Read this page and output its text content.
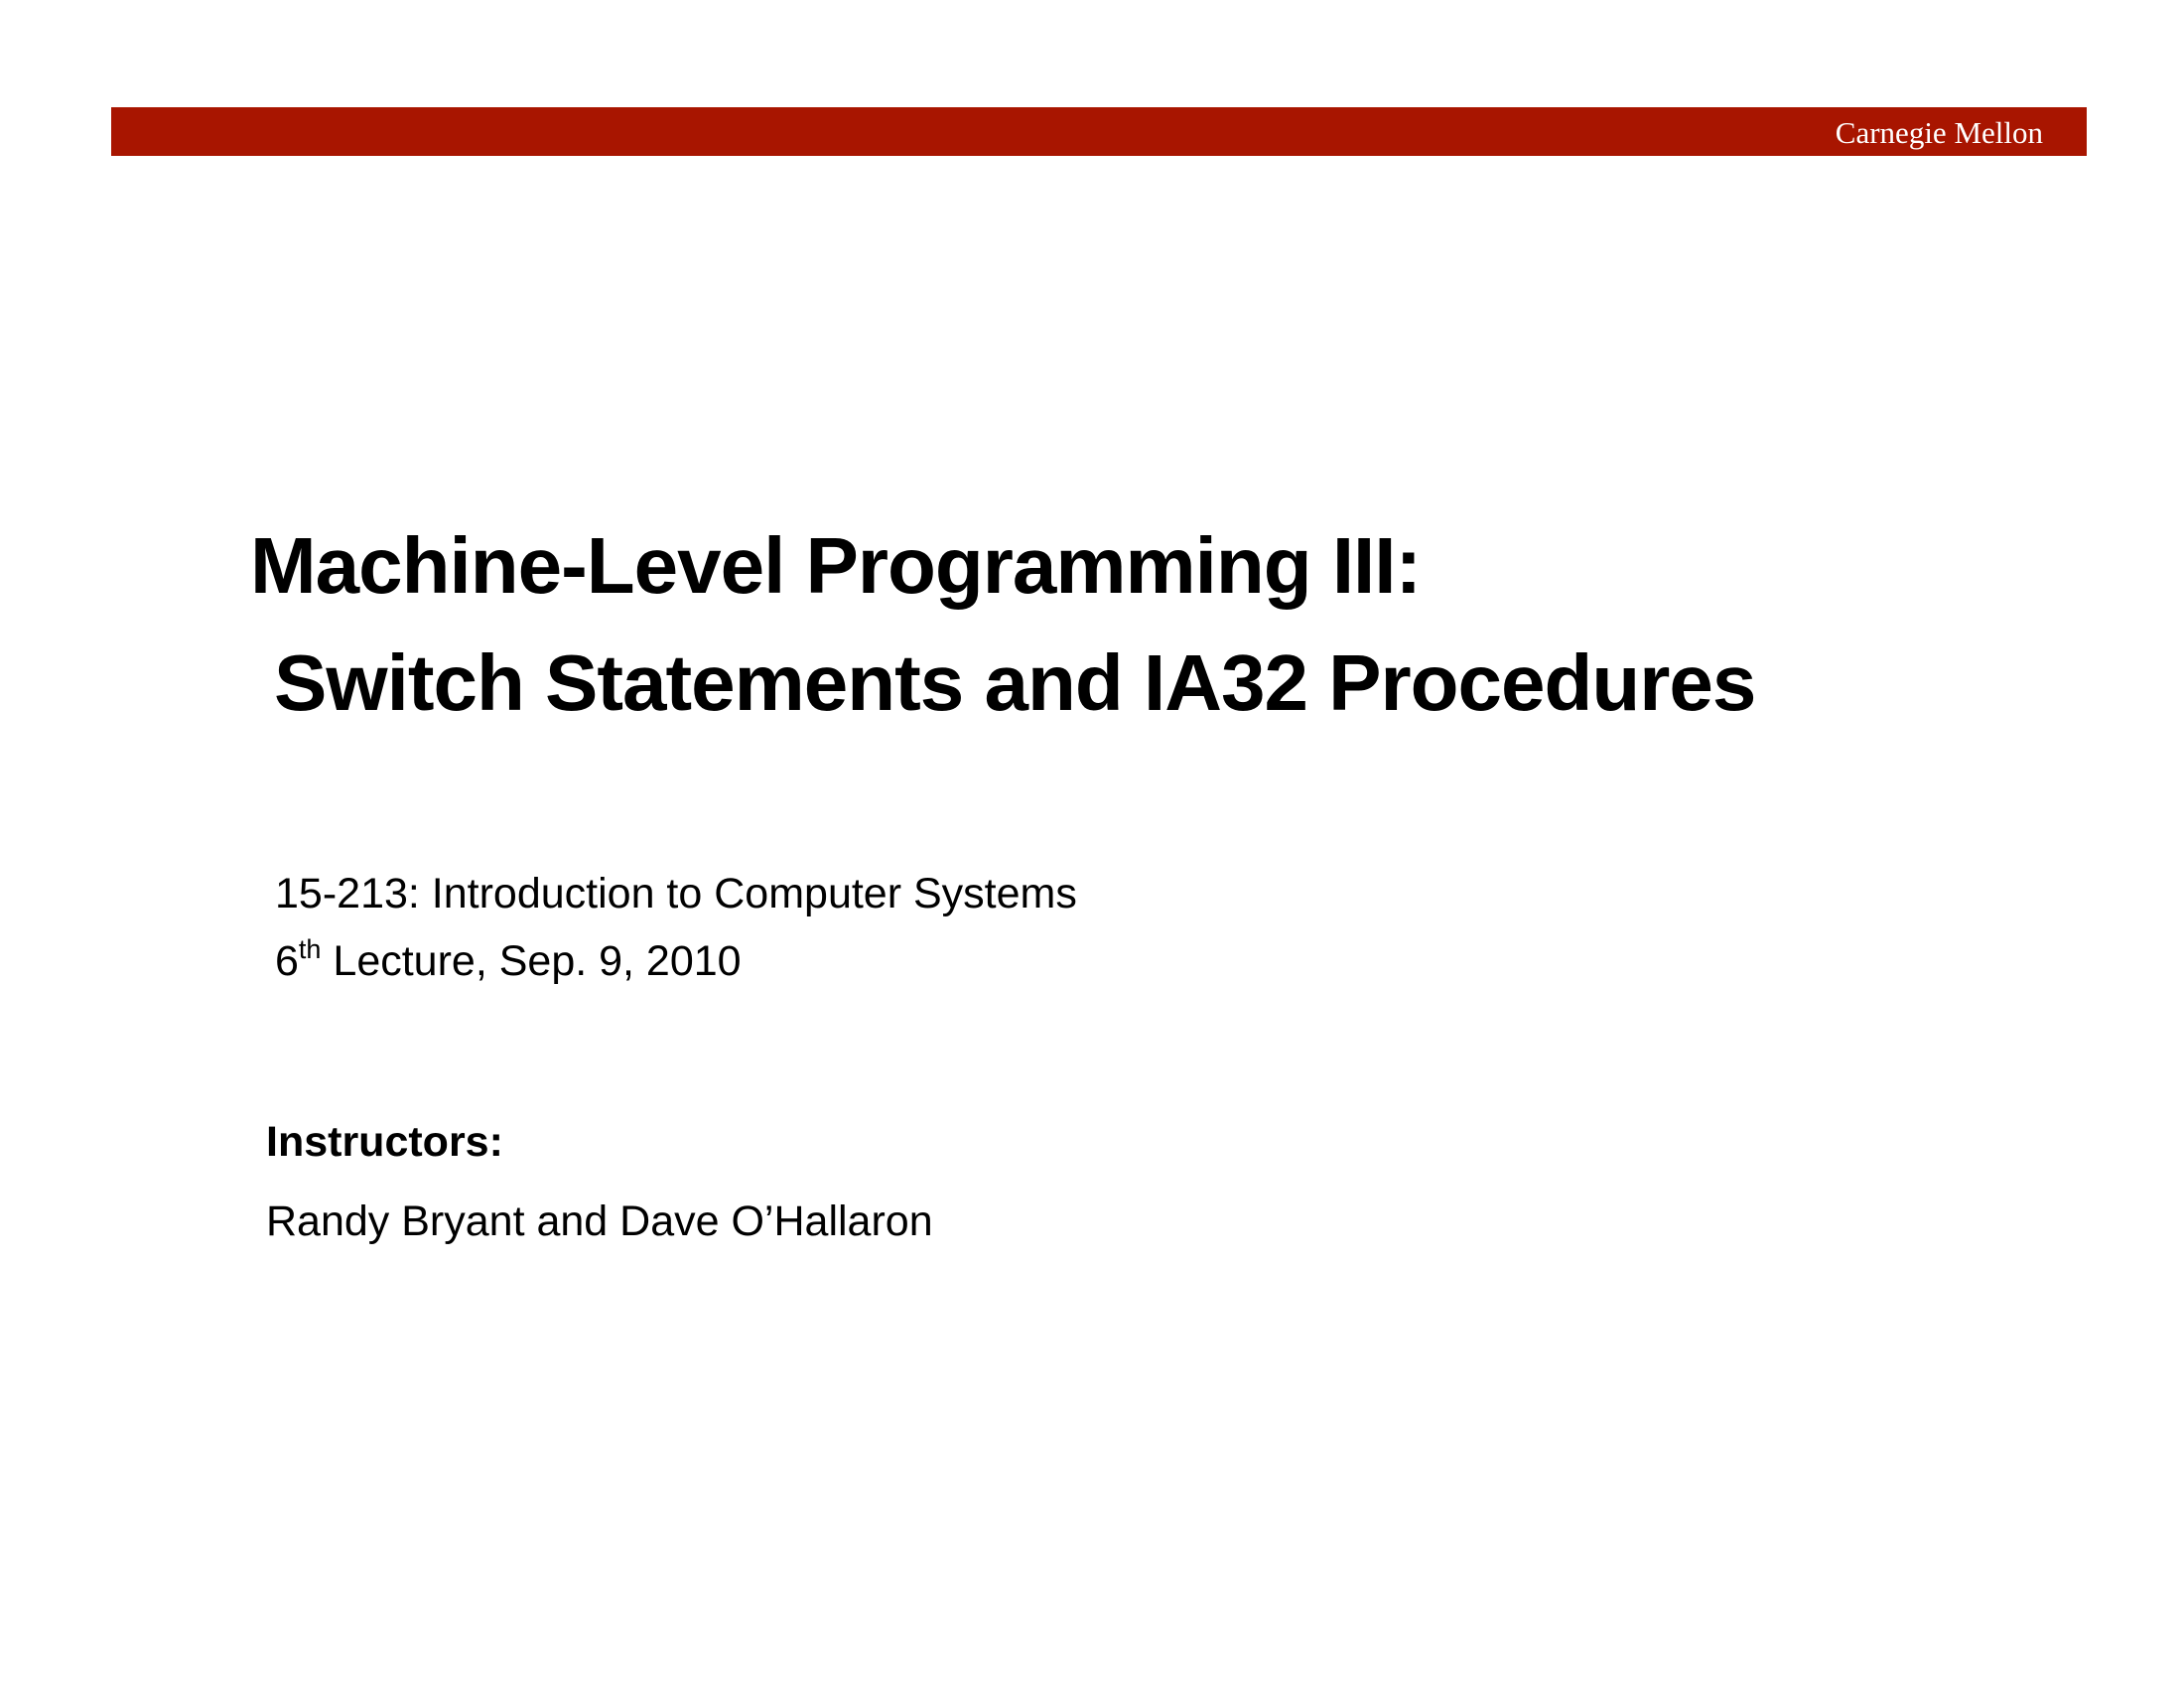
Carnegie Mellon
Machine-Level Programming III:
Switch Statements and IA32 Procedures
15-213: Introduction to Computer Systems
6th Lecture, Sep. 9, 2010
Instructors:
Randy Bryant and Dave O’Hallaron
